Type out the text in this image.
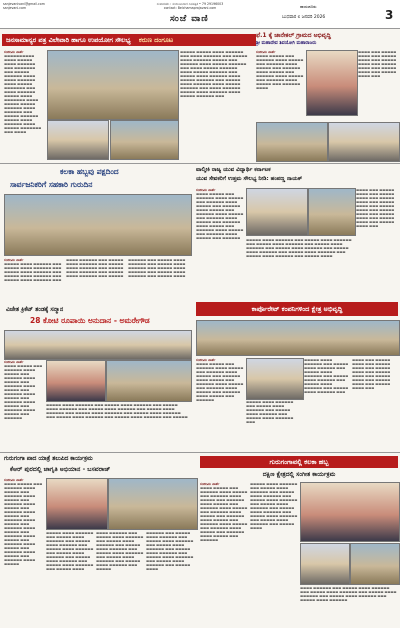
sanjevanivani@gmail.com
sanjevani.com
ಸಂಪಾದಕರು : ಸಂಜೀವಿನಿವಾಣಿ ದಿನಪತ್ರಿಕೆ • 79 29196003
contact: Belchamaprajavani.com
ಸಂಜೆ ವಾಣಿ
ರಾಯಚೂರು
ಬುಧವಾರ ೮ ಜನವರಿ 2026	3
ಜನಸಾಮಾನ್ಯರ ಪತ್ರ ವಿಲೇವಾರಿ ಹಾಗೂ ಉಪಯೋಗ ಸೌಲಭ್ಯ ಕರುಣ ದಂಗೂಟ
ಸಂಜೀವಿನಿ ವಾರ್ತೆ
▬▬▬▬▬▬▬▬▬▬ ▬▬▬▬ ▬▬▬▬▬ ▬▬▬▬ ▬▬▬▬▬▬ ▬▬▬ ▬▬▬▬▬▬▬ ▬▬▬ ▬▬▬▬▬ ▬▬▬▬▬▬ ▬▬▬▬ ▬▬▬▬ ▬▬▬▬▬▬ ▬▬▬▬ ▬▬▬▬▬ ▬▬▬▬▬▬▬ ▬▬▬ ▬▬▬▬ ▬▬▬▬▬▬ ▬▬▬▬▬ ▬▬▬▬ ▬▬▬▬▬▬▬ ▬▬▬▬ ▬▬▬▬▬ ▬▬▬▬▬ ▬▬▬▬▬▬ ▬▬▬▬ ▬▬▬▬▬▬ ▬▬▬ ▬▬▬▬▬ ▬▬▬▬▬▬ ▬▬▬▬▬ ▬▬▬▬ ▬▬▬▬▬▬ ▬▬▬▬ ▬▬▬▬▬ ▬▬▬▬▬▬▬ ▬▬▬ ▬▬▬▬
▬▬▬▬▬ ▬▬▬▬▬ ▬▬▬▬ ▬▬▬▬▬▬ ▬▬▬ ▬▬▬▬ ▬▬▬▬▬▬ ▬▬▬ ▬▬▬▬▬ ▬▬▬▬ ▬▬▬▬▬▬ ▬▬▬▬▬ ▬▬▬ ▬▬▬▬▬▬ ▬▬▬▬ ▬▬▬▬▬ ▬▬▬▬▬▬ ▬▬▬ ▬▬▬▬ ▬▬▬▬▬ ▬▬▬▬▬▬ ▬▬▬▬ ▬▬▬▬▬ ▬▬▬▬▬▬ ▬▬▬ ▬▬▬▬▬ ▬▬▬▬ ▬▬▬▬▬▬ ▬▬▬▬ ▬▬▬▬▬ ▬▬▬▬▬▬ ▬▬▬ ▬▬▬▬▬ ▬▬▬▬ ▬▬▬▬▬▬ ▬▬▬▬ ▬▬▬▬▬ ▬▬▬▬▬▬ ▬▬▬ ▬▬▬▬ ▬▬▬▬▬▬ ▬▬▬▬▬ ▬▬▬▬ ▬▬▬▬▬▬ ▬▬▬▬ ▬▬▬▬▬ ▬▬▬▬▬▬ ▬▬▬
ಫೆ.1 ಕ್ಕೆ ಜಾನೇಕಲ್ ಗ್ರಾಮದ ಅಭಿವೃದ್ಧಿ
ಶ್ರೀ ಮಹಾದೇವ ಶಿವಯೋಗಿ ಮಹಾರಾಜರು
ಸಂಜೀವಿನಿ ವಾರ್ತೆ
▬▬▬▬ ▬▬▬▬▬ ▬▬▬ ▬▬▬▬▬▬ ▬▬▬▬ ▬▬▬▬▬ ▬▬▬ ▬▬▬▬▬▬ ▬▬▬▬ ▬▬▬▬▬ ▬▬▬ ▬▬▬▬▬▬ ▬▬▬▬ ▬▬▬▬▬ ▬▬▬ ▬▬▬▬▬▬ ▬▬▬▬ ▬▬▬▬▬ ▬▬▬ ▬▬▬▬▬▬ ▬▬▬▬ ▬▬▬▬▬ ▬▬▬ ▬▬▬▬▬▬ ▬▬▬▬
▬▬▬▬ ▬▬▬ ▬▬▬▬▬ ▬▬▬▬ ▬▬▬ ▬▬▬▬▬ ▬▬▬▬ ▬▬▬ ▬▬▬▬▬ ▬▬▬▬ ▬▬▬ ▬▬▬▬▬ ▬▬▬▬ ▬▬▬ ▬▬▬▬▬ ▬▬▬▬ ▬▬▬ ▬▬▬▬▬ ▬▬▬▬ ▬▬▬
ಕಲಕಾ ಹಬ್ಬವು ಪಕ್ಷದಿಂದ
ಸಾರ್ವಜನಿಕರಿಗೆ ಸಹಕಾರಿ ಗುರುದಿನ
ಸಂಜೀವಿನಿ ವಾರ್ತೆ
▬▬▬▬▬ ▬▬▬▬ ▬▬▬▬▬▬ ▬▬▬ ▬▬▬▬▬ ▬▬▬▬ ▬▬▬▬▬▬ ▬▬▬ ▬▬▬▬▬ ▬▬▬▬ ▬▬▬▬▬▬ ▬▬▬ ▬▬▬▬▬ ▬▬▬▬ ▬▬▬▬▬▬ ▬▬▬ ▬▬▬▬▬ ▬▬▬▬ ▬▬▬▬▬▬ ▬▬▬
▬▬▬▬ ▬▬▬▬▬▬ ▬▬▬ ▬▬▬▬▬ ▬▬▬▬ ▬▬▬▬▬▬ ▬▬▬ ▬▬▬▬▬ ▬▬▬▬ ▬▬▬▬▬▬ ▬▬▬ ▬▬▬▬▬ ▬▬▬▬ ▬▬▬▬▬▬ ▬▬▬ ▬▬▬▬▬ ▬▬▬▬ ▬▬▬▬▬▬ ▬▬▬ ▬▬▬▬▬
▬▬▬▬▬▬ ▬▬▬ ▬▬▬▬▬ ▬▬▬▬ ▬▬▬▬▬▬ ▬▬▬ ▬▬▬▬▬ ▬▬▬▬ ▬▬▬▬▬▬ ▬▬▬ ▬▬▬▬▬ ▬▬▬▬ ▬▬▬▬▬▬ ▬▬▬ ▬▬▬▬▬ ▬▬▬▬ ▬▬▬▬▬▬ ▬▬▬ ▬▬▬▬▬ ▬▬▬▬
ವಾಲ್ಮೀಕಿ ರಾಜ್ಯ ಯುವ ವಿದ್ಯಾರ್ಥಿ ಕರ್ನಾಟಕ
ಯುವ ಸೇವಕರಿಗೆ ಉತ್ತಮ ಸೌಲಭ್ಯ ನೀಡಿ: ಹಂಪಣ್ಣ ನಾಯಕ್
ಸಂಜೀವಿನಿ ವಾರ್ತೆ
▬▬▬▬ ▬▬▬▬▬ ▬▬▬ ▬▬▬▬▬▬ ▬▬▬▬ ▬▬▬▬▬ ▬▬▬ ▬▬▬▬▬▬ ▬▬▬▬ ▬▬▬▬▬ ▬▬▬ ▬▬▬▬▬▬ ▬▬▬▬ ▬▬▬▬▬ ▬▬▬ ▬▬▬▬▬▬ ▬▬▬▬ ▬▬▬▬▬ ▬▬▬ ▬▬▬▬▬▬ ▬▬▬▬ ▬▬▬▬▬ ▬▬▬ ▬▬▬▬▬▬ ▬▬▬▬ ▬▬▬▬▬ ▬▬▬ ▬▬▬▬▬▬ ▬▬▬▬ ▬▬▬▬▬ ▬▬▬ ▬▬▬▬▬▬ ▬▬▬▬ ▬▬▬▬▬ ▬▬▬ ▬▬▬▬▬▬
▬▬▬▬ ▬▬▬ ▬▬▬▬▬ ▬▬▬▬ ▬▬▬ ▬▬▬▬▬ ▬▬▬▬ ▬▬▬ ▬▬▬▬▬ ▬▬▬▬ ▬▬▬ ▬▬▬▬▬ ▬▬▬▬ ▬▬▬ ▬▬▬▬▬ ▬▬▬▬ ▬▬▬ ▬▬▬▬▬ ▬▬▬▬ ▬▬▬ ▬▬▬▬▬ ▬▬▬▬ ▬▬▬ ▬▬▬▬▬ ▬▬▬▬ ▬▬▬ ▬▬▬▬▬ ▬▬▬▬ ▬▬▬
▬▬▬▬▬ ▬▬▬▬ ▬▬▬▬▬▬ ▬▬▬ ▬▬▬▬▬ ▬▬▬▬ ▬▬▬▬▬▬ ▬▬▬ ▬▬▬▬▬ ▬▬▬▬ ▬▬▬▬▬▬ ▬▬▬ ▬▬▬▬▬ ▬▬▬▬ ▬▬▬▬▬▬ ▬▬▬ ▬▬▬▬▬ ▬▬▬▬ ▬▬▬▬▬▬ ▬▬▬ ▬▬▬▬▬ ▬▬▬▬ ▬▬▬▬▬▬ ▬▬▬ ▬▬▬▬▬ ▬▬▬▬ ▬▬▬▬▬▬ ▬▬▬ ▬▬▬▬▬ ▬▬▬▬ ▬▬▬▬▬▬ ▬▬▬ ▬▬▬▬▬ ▬▬▬▬
ವಿಜೇತ ಕ್ರಿಕೆಟ್ ತಂಡಕ್ಕೆ ಸನ್ಮಾನ
28 ಕೋಟಿ ರೂಪಾಯಿ ಅನುದಾನ - ಅಮರೇಗೌಡ
ಸಂಜೀವಿನಿ ವಾರ್ತೆ
▬▬▬▬ ▬▬▬▬▬ ▬▬▬ ▬▬▬▬▬▬ ▬▬▬▬ ▬▬▬▬▬ ▬▬▬ ▬▬▬▬▬▬ ▬▬▬▬ ▬▬▬▬▬ ▬▬▬ ▬▬▬▬▬▬ ▬▬▬▬ ▬▬▬▬▬ ▬▬▬ ▬▬▬▬▬▬ ▬▬▬▬ ▬▬▬▬▬ ▬▬▬ ▬▬▬▬▬▬ ▬▬▬▬ ▬▬▬▬▬ ▬▬▬ ▬▬▬▬▬▬ ▬▬▬▬ ▬▬▬▬▬ ▬▬▬ ▬▬▬▬▬▬
▬▬▬▬▬ ▬▬▬▬ ▬▬▬▬▬▬ ▬▬▬ ▬▬▬▬▬ ▬▬▬▬ ▬▬▬▬▬▬ ▬▬▬ ▬▬▬▬▬ ▬▬▬▬ ▬▬▬▬▬▬ ▬▬▬ ▬▬▬▬▬ ▬▬▬▬ ▬▬▬▬▬▬ ▬▬▬ ▬▬▬▬▬ ▬▬▬▬ ▬▬▬▬▬▬ ▬▬▬ ▬▬▬▬▬ ▬▬▬▬ ▬▬▬▬▬▬ ▬▬▬ ▬▬▬▬▬ ▬▬▬▬ ▬▬▬▬▬▬ ▬▬▬ ▬▬▬▬▬ ▬▬▬▬ ▬▬▬▬▬▬ ▬▬▬ ▬▬▬▬▬ ▬▬▬▬ ▬▬▬▬▬▬ ▬▬▬ ▬▬▬▬▬
ಕಾರ್ಪೊರೇಟ್ ಕಂಪನಿಗಳಿಂದ ಕ್ಷೇತ್ರ ಅಭಿವೃದ್ಧಿ
ಸಂಜೀವಿನಿ ವಾರ್ತೆ
▬▬▬▬ ▬▬▬▬▬ ▬▬▬ ▬▬▬▬▬▬ ▬▬▬▬ ▬▬▬▬▬ ▬▬▬ ▬▬▬▬▬▬ ▬▬▬▬ ▬▬▬▬▬ ▬▬▬ ▬▬▬▬▬▬ ▬▬▬▬ ▬▬▬▬▬ ▬▬▬ ▬▬▬▬▬▬ ▬▬▬▬ ▬▬▬▬▬ ▬▬▬ ▬▬▬▬▬▬ ▬▬▬▬ ▬▬▬▬▬ ▬▬▬ ▬▬▬▬▬▬ ▬▬▬▬ ▬▬▬▬▬ ▬▬▬ ▬▬▬▬▬▬
▬▬▬▬▬ ▬▬▬▬ ▬▬▬▬▬▬ ▬▬▬ ▬▬▬▬▬ ▬▬▬▬ ▬▬▬▬▬▬ ▬▬▬ ▬▬▬▬▬ ▬▬▬▬ ▬▬▬▬▬▬ ▬▬▬ ▬▬▬▬▬ ▬▬▬▬ ▬▬▬▬▬▬ ▬▬▬ ▬▬▬▬▬ ▬▬▬▬ ▬▬▬▬▬▬ ▬▬▬ ▬▬▬▬▬ ▬▬▬▬ ▬▬▬▬▬▬ ▬▬▬
▬▬▬▬ ▬▬▬ ▬▬▬▬▬ ▬▬▬▬ ▬▬▬ ▬▬▬▬▬ ▬▬▬▬ ▬▬▬ ▬▬▬▬▬ ▬▬▬▬ ▬▬▬ ▬▬▬▬▬ ▬▬▬▬ ▬▬▬ ▬▬▬▬▬ ▬▬▬▬ ▬▬▬ ▬▬▬▬▬ ▬▬▬▬ ▬▬▬ ▬▬▬▬▬ ▬▬▬▬ ▬▬▬
▬▬▬▬▬ ▬▬▬▬ ▬▬▬▬▬▬ ▬▬▬ ▬▬▬▬▬ ▬▬▬▬ ▬▬▬▬▬▬ ▬▬▬ ▬▬▬▬▬ ▬▬▬▬ ▬▬▬▬▬▬ ▬▬▬ ▬▬▬▬▬ ▬▬▬▬ ▬▬▬▬▬▬ ▬▬▬
ಗುರುಗಂಗಾ ಪಾದ ಯಾತ್ರೆ ತಲುಪಿದ ಕಾರ್ಯಕ್ರಮ
ಕೆಆರ್ ಪುರದಲ್ಲಿ ಜಾಗೃತಿ ಅಭಿಯಾನ - ಬಸವರಾಜ್
ಸಂಜೀವಿನಿ ವಾರ್ತೆ
▬▬▬▬ ▬▬▬▬▬ ▬▬▬ ▬▬▬▬▬▬ ▬▬▬▬ ▬▬▬▬▬ ▬▬▬ ▬▬▬▬▬▬ ▬▬▬▬ ▬▬▬▬▬ ▬▬▬ ▬▬▬▬▬▬ ▬▬▬▬ ▬▬▬▬▬ ▬▬▬ ▬▬▬▬▬▬ ▬▬▬▬ ▬▬▬▬▬ ▬▬▬ ▬▬▬▬▬▬ ▬▬▬▬ ▬▬▬▬▬ ▬▬▬ ▬▬▬▬▬▬ ▬▬▬▬ ▬▬▬▬▬ ▬▬▬ ▬▬▬▬▬▬ ▬▬▬▬ ▬▬▬▬▬ ▬▬▬ ▬▬▬▬▬▬ ▬▬▬▬ ▬▬▬▬▬ ▬▬▬ ▬▬▬▬▬▬ ▬▬▬▬ ▬▬▬▬▬ ▬▬▬ ▬▬▬▬▬▬ ▬▬▬▬ ▬▬▬▬▬
▬▬▬▬▬ ▬▬▬▬ ▬▬▬▬▬▬ ▬▬▬ ▬▬▬▬▬ ▬▬▬▬ ▬▬▬▬▬▬ ▬▬▬ ▬▬▬▬▬ ▬▬▬▬ ▬▬▬▬▬▬ ▬▬▬ ▬▬▬▬▬ ▬▬▬▬ ▬▬▬▬▬▬ ▬▬▬ ▬▬▬▬▬ ▬▬▬▬ ▬▬▬▬▬▬ ▬▬▬ ▬▬▬▬▬ ▬▬▬▬ ▬▬▬▬▬▬ ▬▬▬ ▬▬▬▬▬ ▬▬▬▬ ▬▬▬▬▬▬ ▬▬▬ ▬▬▬▬▬ ▬▬▬▬
▬▬▬▬ ▬▬▬▬▬▬ ▬▬▬ ▬▬▬▬▬ ▬▬▬▬ ▬▬▬▬▬▬ ▬▬▬ ▬▬▬▬▬ ▬▬▬▬ ▬▬▬▬▬▬ ▬▬▬ ▬▬▬▬▬ ▬▬▬▬ ▬▬▬▬▬▬ ▬▬▬ ▬▬▬▬▬ ▬▬▬▬ ▬▬▬▬▬▬ ▬▬▬ ▬▬▬▬▬ ▬▬▬▬ ▬▬▬▬▬▬ ▬▬▬ ▬▬▬▬▬ ▬▬▬▬ ▬▬▬▬▬▬ ▬▬▬ ▬▬▬▬▬
▬▬▬▬▬▬ ▬▬▬ ▬▬▬▬▬ ▬▬▬▬ ▬▬▬▬▬▬ ▬▬▬ ▬▬▬▬▬ ▬▬▬▬ ▬▬▬▬▬▬ ▬▬▬ ▬▬▬▬▬ ▬▬▬▬ ▬▬▬▬▬▬ ▬▬▬ ▬▬▬▬▬ ▬▬▬▬ ▬▬▬▬▬▬ ▬▬▬ ▬▬▬▬▬ ▬▬▬▬ ▬▬▬▬▬▬ ▬▬▬ ▬▬▬▬▬ ▬▬▬▬ ▬▬▬▬▬▬ ▬▬▬ ▬▬▬▬▬ ▬▬▬▬
ಗುರುಗಂಗಾವಲ್ಲಿ ಕಲಕಾ ಹಬ್ಬ
ದಕ್ಷಿಣ ಕ್ಷೇತ್ರದಲ್ಲಿ ಸಂಗೀತ ಕಾರ್ಯಕ್ರಮ
ಸಂಜೀವಿನಿ ವಾರ್ತೆ
▬▬▬▬ ▬▬▬▬▬ ▬▬▬ ▬▬▬▬▬▬ ▬▬▬▬ ▬▬▬▬▬ ▬▬▬ ▬▬▬▬▬▬ ▬▬▬▬ ▬▬▬▬▬ ▬▬▬ ▬▬▬▬▬▬ ▬▬▬▬ ▬▬▬▬▬ ▬▬▬ ▬▬▬▬▬▬ ▬▬▬▬ ▬▬▬▬▬ ▬▬▬ ▬▬▬▬▬▬ ▬▬▬▬ ▬▬▬▬▬ ▬▬▬ ▬▬▬▬▬▬ ▬▬▬▬ ▬▬▬▬▬ ▬▬▬ ▬▬▬▬▬▬ ▬▬▬▬ ▬▬▬▬▬ ▬▬▬ ▬▬▬▬▬▬ ▬▬▬▬ ▬▬▬▬▬ ▬▬▬ ▬▬▬▬▬▬ ▬▬▬▬ ▬▬▬▬▬ ▬▬▬ ▬▬▬▬▬▬
▬▬▬▬▬ ▬▬▬▬ ▬▬▬▬▬▬ ▬▬▬ ▬▬▬▬▬ ▬▬▬▬ ▬▬▬▬▬▬ ▬▬▬ ▬▬▬▬▬ ▬▬▬▬ ▬▬▬▬▬▬ ▬▬▬ ▬▬▬▬▬ ▬▬▬▬ ▬▬▬▬▬▬ ▬▬▬ ▬▬▬▬▬ ▬▬▬▬ ▬▬▬▬▬▬ ▬▬▬ ▬▬▬▬▬ ▬▬▬▬ ▬▬▬▬▬▬ ▬▬▬ ▬▬▬▬▬ ▬▬▬▬ ▬▬▬▬▬▬ ▬▬▬ ▬▬▬▬▬ ▬▬▬▬ ▬▬▬▬▬▬ ▬▬▬ ▬▬▬▬▬ ▬▬▬▬
▬▬▬▬ ▬▬▬▬▬▬ ▬▬▬ ▬▬▬▬▬ ▬▬▬▬ ▬▬▬▬▬▬ ▬▬▬ ▬▬▬▬▬ ▬▬▬▬ ▬▬▬▬▬▬ ▬▬▬ ▬▬▬▬▬ ▬▬▬▬ ▬▬▬▬▬▬ ▬▬▬ ▬▬▬▬▬ ▬▬▬▬ ▬▬▬▬▬▬ ▬▬▬ ▬▬▬▬▬ ▬▬▬▬ ▬▬▬▬▬▬
